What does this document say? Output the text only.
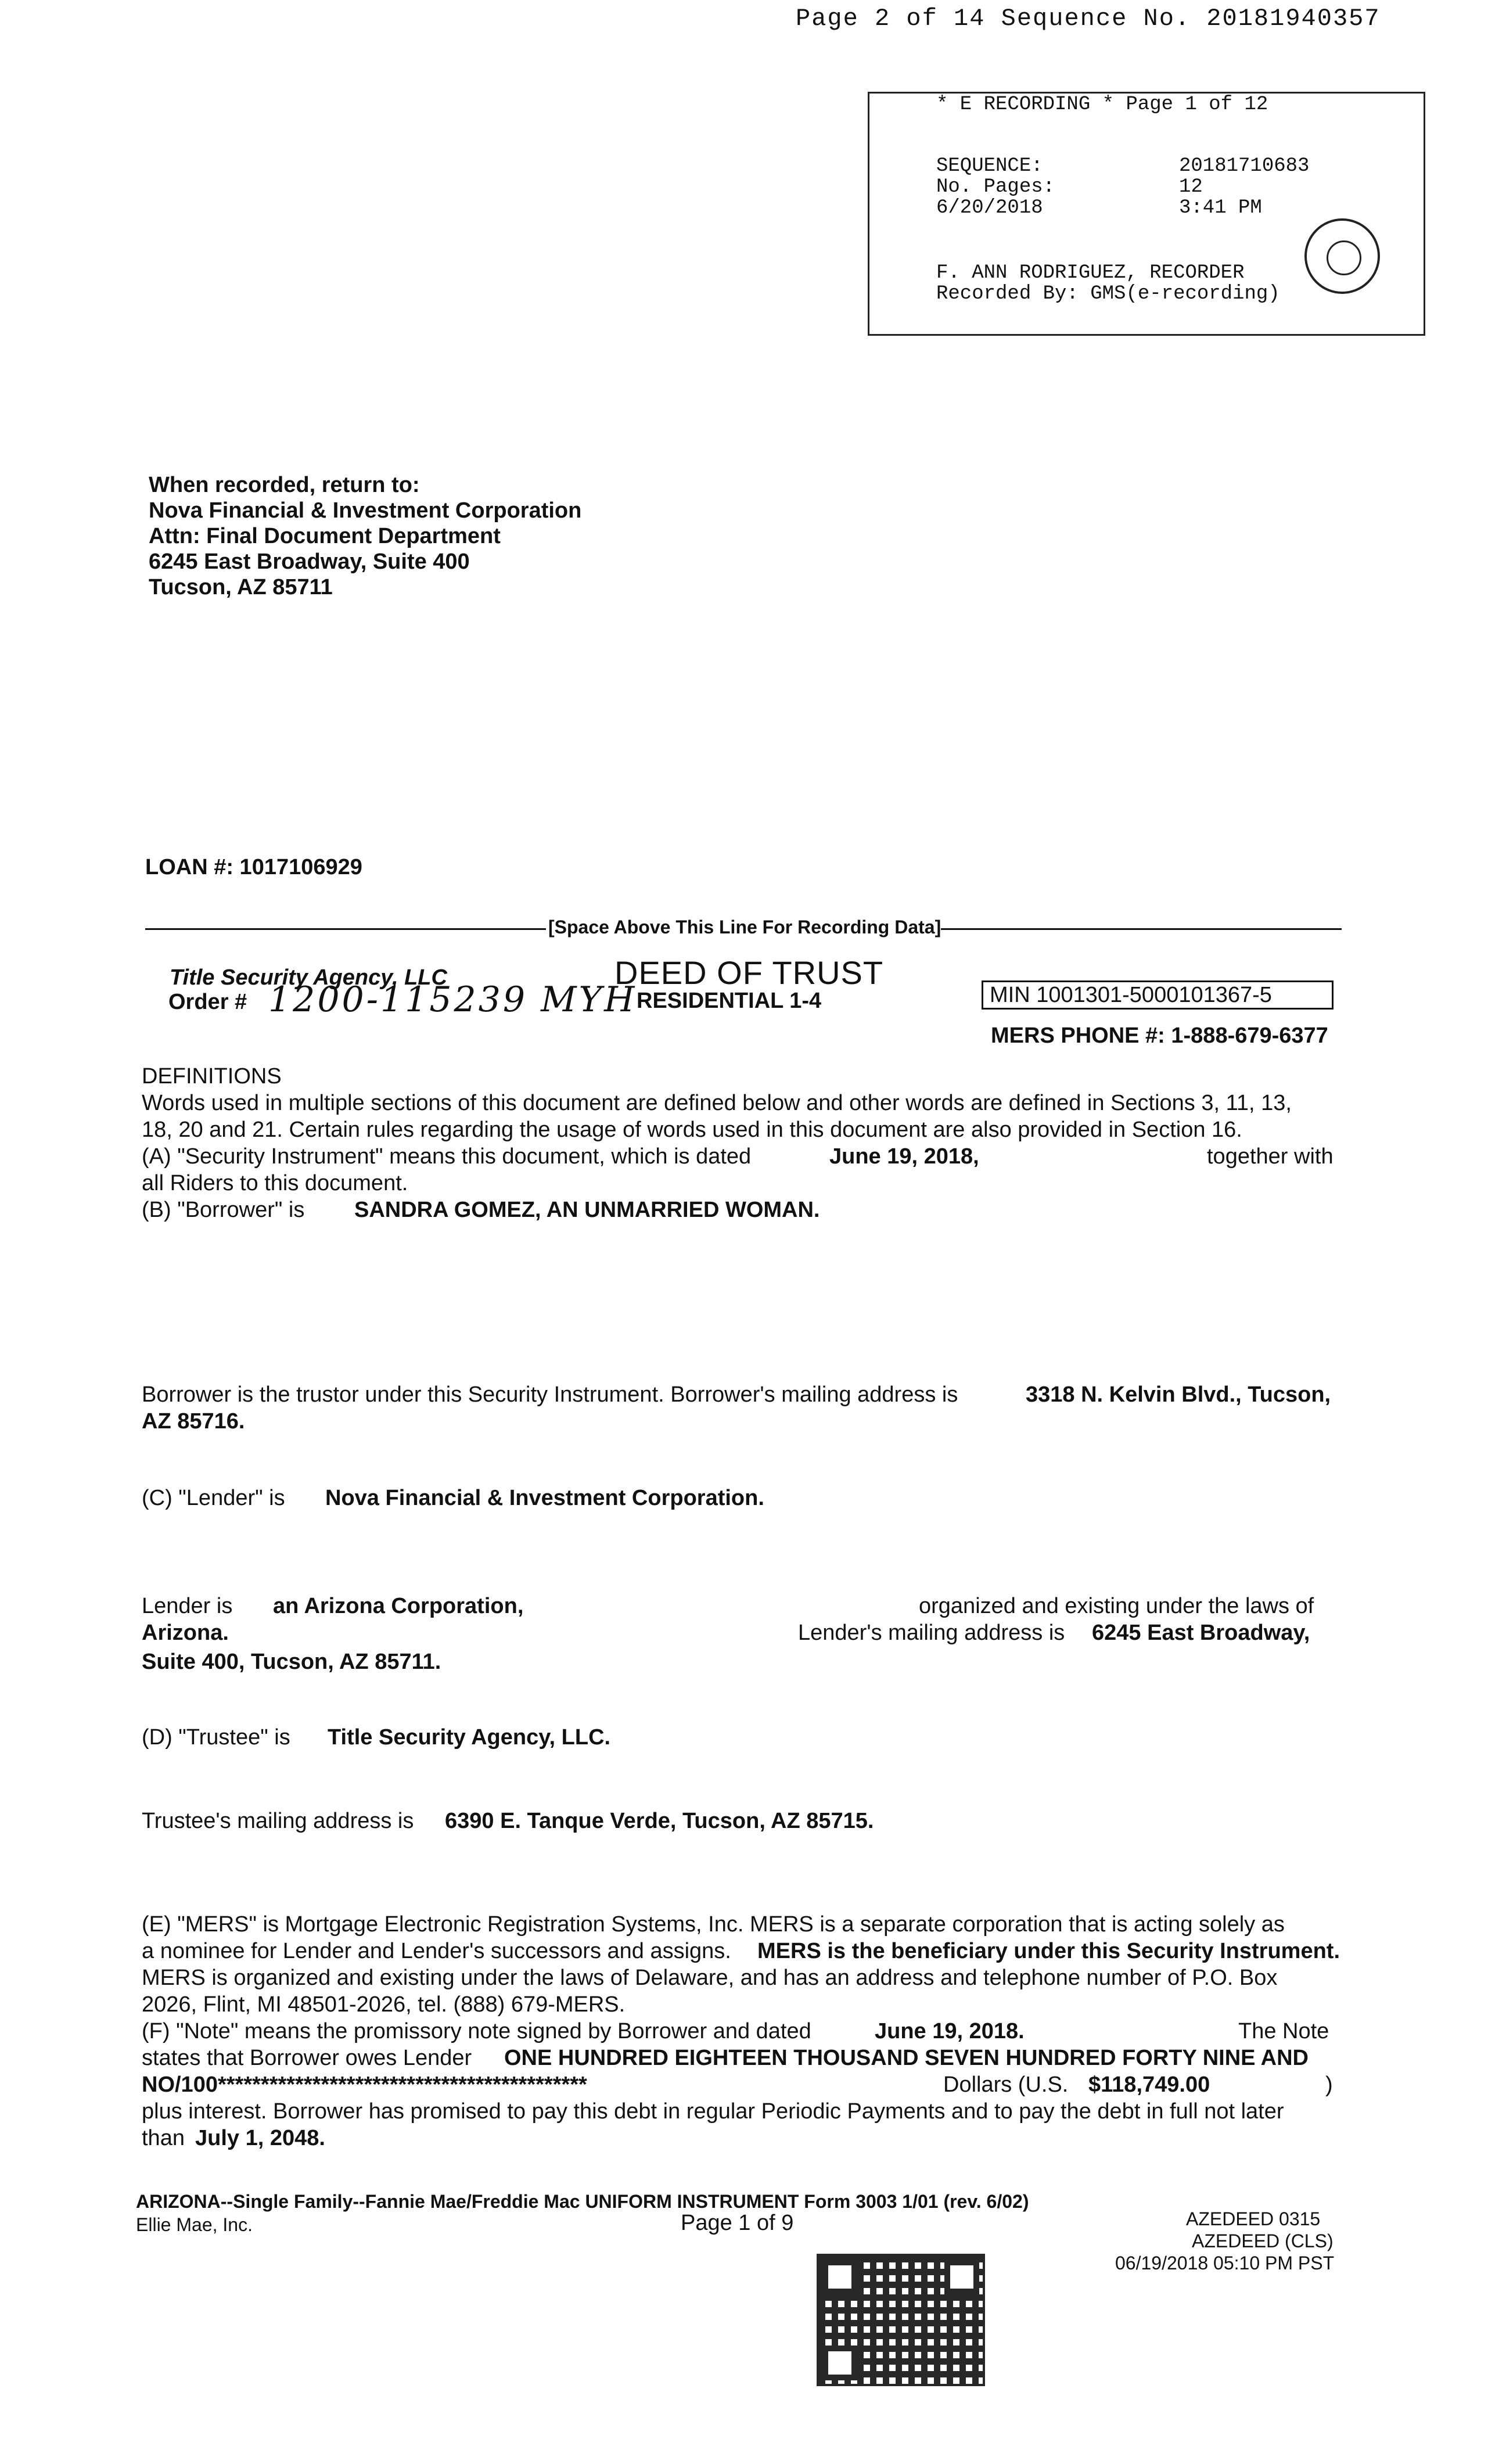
Page 2 of 14 Sequence No. 20181940357
* E RECORDING * Page 1 of 12
SEQUENCE:	20181710683
No. Pages:	12
6/20/2018	3:41 PM
F. ANN RODRIGUEZ, RECORDER
Recorded By: GMS(e-recording)
When recorded, return to:
Nova Financial & Investment Corporation
Attn: Final Document Department
6245 East Broadway, Suite 400
Tucson, AZ 85711
LOAN #: 1017106929
[Space Above This Line For Recording Data]
Title Security Agency, LLC
Order # 1200-115239 MYH
DEED OF TRUST
RESIDENTIAL 1-4	MIN 1001301-5000101367-5
MERS PHONE #: 1-888-679-6377
DEFINITIONS
Words used in multiple sections of this document are defined below and other words are defined in Sections 3, 11, 13,
18, 20 and 21. Certain rules regarding the usage of words used in this document are also provided in Section 16.
(A) "Security Instrument" means this document, which is dated	June 19, 2018,	together with
all Riders to this document.
(B) "Borrower" is SANDRA GOMEZ, AN UNMARRIED WOMAN.
Borrower is the trustor under this Security Instrument. Borrower's mailing address is	3318 N. Kelvin Blvd., Tucson,
AZ 85716.
(C) "Lender" is Nova Financial & Investment Corporation.
Lender is an Arizona Corporation,	organized and existing under the laws of
Arizona.	Lender's mailing address is 6245 East Broadway,
Suite 400, Tucson, AZ 85711.
(D) "Trustee" is Title Security Agency, LLC.
Trustee's mailing address is 6390 E. Tanque Verde, Tucson, AZ 85715.
(E) "MERS" is Mortgage Electronic Registration Systems, Inc. MERS is a separate corporation that is acting solely as
a nominee for Lender and Lender's successors and assigns. MERS is the beneficiary under this Security Instrument.
MERS is organized and existing under the laws of Delaware, and has an address and telephone number of P.O. Box
2026, Flint, MI 48501-2026, tel. (888) 679-MERS.
(F) "Note" means the promissory note signed by Borrower and dated	June 19, 2018.	The Note
states that Borrower owes Lender ONE HUNDRED EIGHTEEN THOUSAND SEVEN HUNDRED FORTY NINE AND
NO/100*******************************************	Dollars (U.S. $118,749.00	)
plus interest. Borrower has promised to pay this debt in regular Periodic Payments and to pay the debt in full not later
than July 1, 2048.
ARIZONA--Single Family--Fannie Mae/Freddie Mac UNIFORM INSTRUMENT Form 3003 1/01 (rev. 6/02)
Ellie Mae, Inc.	Page 1 of 9	AZEDEED 0315
AZEDEED (CLS)
06/19/2018 05:10 PM PST
